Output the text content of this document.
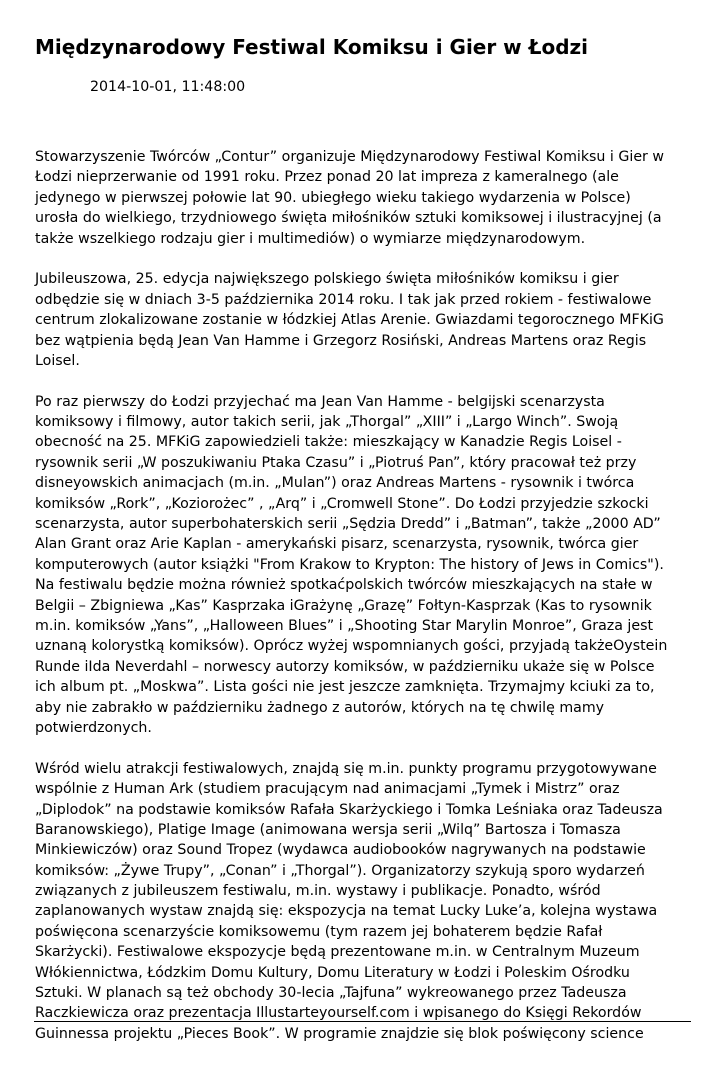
Międzynarodowy Festiwal Komiksu i Gier w Łodzi
2014-10-01, 11:48:00

Stowarzyszenie Twórców „Contur” organizuje Międzynarodowy Festiwal Komiksu i Gier w
Łodzi nieprzerwanie od 1991 roku. Przez ponad 20 lat impreza z kameralnego (ale
jedynego w pierwszej połowie lat 90. ubiegłego wieku takiego wydarzenia w Polsce)
urosła do wielkiego, trzydniowego święta miłośników sztuki komiksowej i ilustracyjnej (a
także wszelkiego rodzaju gier i multimediów) o wymiarze międzynarodowym.

Jubileuszowa, 25. edycja największego polskiego święta miłośników komiksu i gier
odbędzie się w dniach 3-5 października 2014 roku. I tak jak przed rokiem - festiwalowe
centrum zlokalizowane zostanie w łódzkiej Atlas Arenie. Gwiazdami tegorocznego MFKiG
bez wątpienia będą Jean Van Hamme i Grzegorz Rosiński, Andreas Martens oraz Regis
Loisel.

Po raz pierwszy do Łodzi przyjechać ma Jean Van Hamme - belgijski scenarzysta
komiksowy i filmowy, autor takich serii, jak „Thorgal” „XIII” i „Largo Winch”. Swoją
obecność na 25. MFKiG zapowiedzieli także: mieszkający w Kanadzie Regis Loisel -
rysownik serii „W poszukiwaniu Ptaka Czasu” i „Piotruś Pan”, który pracował też przy
disneyowskich animacjach (m.in. „Mulan”) oraz Andreas Martens - rysownik i twórca
komiksów „Rork”, „Koziorożec” , „Arq” i „Cromwell Stone”. Do Łodzi przyjedzie szkocki
scenarzysta, autor superbohaterskich serii „Sędzia Dredd” i „Batman”, także „2000 AD”
Alan Grant oraz Arie Kaplan - amerykański pisarz, scenarzysta, rysownik, twórca gier
komputerowych (autor książki "From Krakow to Krypton: The history of Jews in Comics").
Na festiwalu będzie można również spotkaćpolskich twórców mieszkających na stałe w
Belgii – Zbigniewa „Kas” Kasprzaka iGrażynę „Grazę” Fołtyn-Kasprzak (Kas to rysownik
m.in. komiksów „Yans”, „Halloween Blues” i „Shooting Star Marylin Monroe”, Graza jest
uznaną kolorystką komiksów). Oprócz wyżej wspomnianych gości, przyjadą takżeOystein
Runde iIda Neverdahl – norwescy autorzy komiksów, w październiku ukaże się w Polsce
ich album pt. „Moskwa”. Lista gości nie jest jeszcze zamknięta. Trzymajmy kciuki za to,
aby nie zabrakło w październiku żadnego z autorów, których na tę chwilę mamy
potwierdzonych.

Wśród wielu atrakcji festiwalowych, znajdą się m.in. punkty programu przygotowywane
wspólnie z Human Ark (studiem pracującym nad animacjami „Tymek i Mistrz” oraz
„Diplodok” na podstawie komiksów Rafała Skarżyckiego i Tomka Leśniaka oraz Tadeusza
Baranowskiego), Platige Image (animowana wersja serii „Wilq” Bartosza i Tomasza
Minkiewiczów) oraz Sound Tropez (wydawca audiobooków nagrywanych na podstawie
komiksów: „Żywe Trupy”, „Conan” i „Thorgal”). Organizatorzy szykują sporo wydarzeń
związanych z jubileuszem festiwalu, m.in. wystawy i publikacje. Ponadto, wśród
zaplanowanych wystaw znajdą się: ekspozycja na temat Lucky Luke’a, kolejna wystawa
poświęcona scenarzyście komiksowemu (tym razem jej bohaterem będzie Rafał
Skarżycki). Festiwalowe ekspozycje będą prezentowane m.in. w Centralnym Muzeum
Włókiennictwa, Łódzkim Domu Kultury, Domu Literatury w Łodzi i Poleskim Ośrodku
Sztuki. W planach są też obchody 30-lecia „Tajfuna” wykreowanego przez Tadeusza
Raczkiewicza oraz prezentacja Illustarteyourself.com i wpisanego do Księgi Rekordów
Guinnessa projektu „Pieces Book”. W programie znajdzie się blok poświęcony science
